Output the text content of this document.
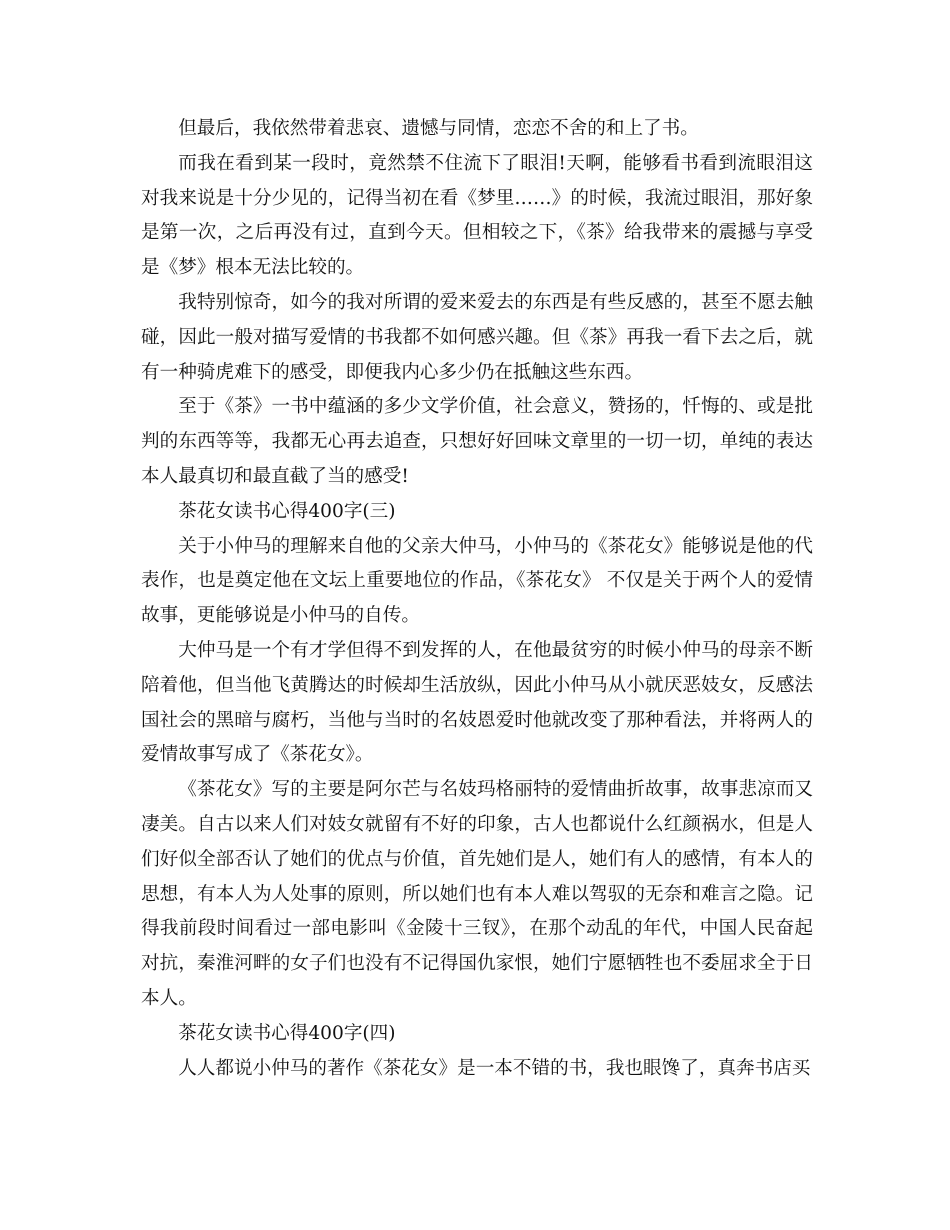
但最后，我依然带着悲哀、遗憾与同情，恋恋不舍的和上了书。

而我在看到某一段时，竟然禁不住流下了眼泪!天啊，能够看书看到流眼泪这对我来说是十分少见的，记得当初在看《梦里……》的时候，我流过眼泪，那好象是第一次，之后再没有过，直到今天。但相较之下，《茶》给我带来的震撼与享受是《梦》根本无法比较的。

我特别惊奇，如今的我对所谓的爱来爱去的东西是有些反感的，甚至不愿去触碰，因此一般对描写爱情的书我都不如何感兴趣。但《茶》再我一看下去之后，就有一种骑虎难下的感受，即便我内心多少仍在抵触这些东西。

至于《茶》一书中蕴涵的多少文学价值，社会意义，赞扬的，忏悔的、或是批判的东西等等，我都无心再去追查，只想好好回味文章里的一切一切，单纯的表达本人最真切和最直截了当的感受!

茶花女读书心得400字(三)

关于小仲马的理解来自他的父亲大仲马，小仲马的《茶花女》能够说是他的代表作，也是奠定他在文坛上重要地位的作品，《茶花女》 不仅是关于两个人的爱情故事，更能够说是小仲马的自传。

大仲马是一个有才学但得不到发挥的人，在他最贫穷的时候小仲马的母亲不断陪着他，但当他飞黄腾达的时候却生活放纵，因此小仲马从小就厌恶妓女，反感法国社会的黑暗与腐朽，当他与当时的名妓恩爱时他就改变了那种看法，并将两人的爱情故事写成了《茶花女》。

《茶花女》写的主要是阿尔芒与名妓玛格丽特的爱情曲折故事，故事悲凉而又凄美。自古以来人们对妓女就留有不好的印象，古人也都说什么红颜祸水，但是人们好似全部否认了她们的优点与价值，首先她们是人，她们有人的感情，有本人的思想，有本人为人处事的原则，所以她们也有本人难以驾驭的无奈和难言之隐。记得我前段时间看过一部电影叫《金陵十三钗》，在那个动乱的年代，中国人民奋起对抗，秦淮河畔的女子们也没有不记得国仇家恨，她们宁愿牺牲也不委屈求全于日本人。

茶花女读书心得400字(四)

人人都说小仲马的著作《茶花女》是一本不错的书，我也眼馋了，真奔书店买
